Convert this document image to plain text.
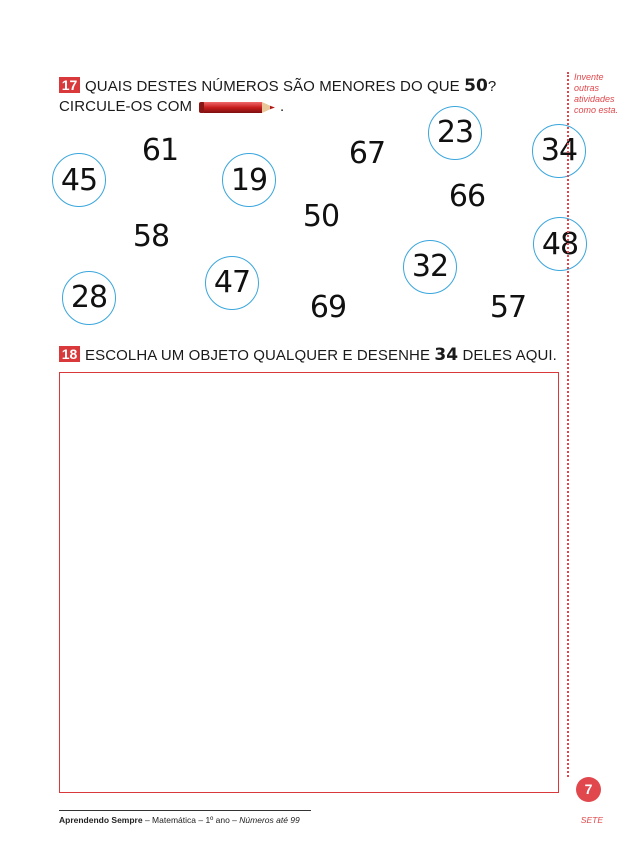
17 QUAIS DESTES NÚMEROS SÃO MENORES DO QUE 50?
CIRCULE-OS COM	.
45
61
19
67
23
34
66
50
58	48
32
47
28	69	57
18 ESCOLHA UM OBJETO QUALQUER E DESENHE 34 DELES AQUI.
Invente
outras
atividades
como esta.
7
Aprendendo Sempre – Matemática – 1º ano – Números até 99	SETE
